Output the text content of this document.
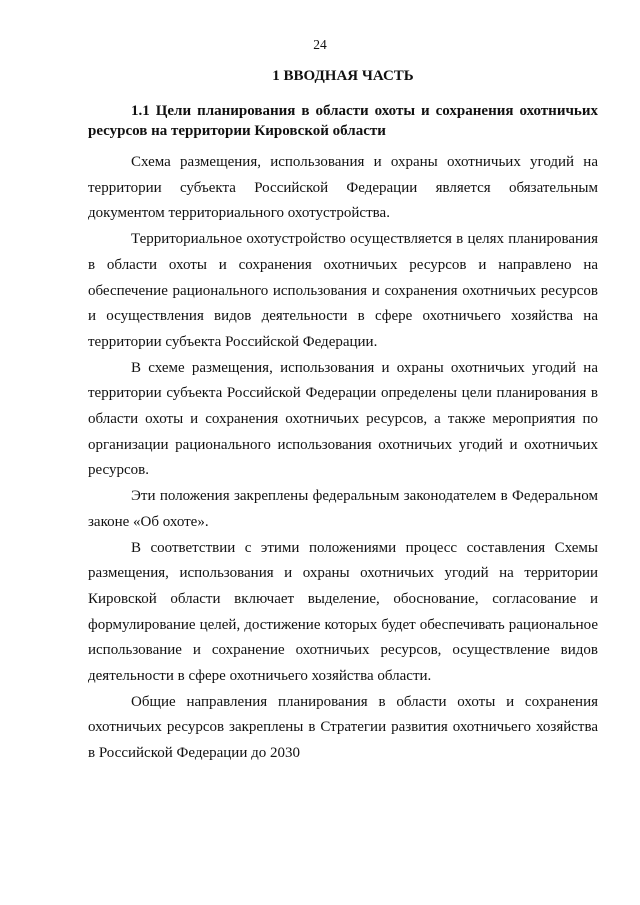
24
1 ВВОДНАЯ ЧАСТЬ
1.1 Цели планирования в области охоты и сохранения охотничьих ресурсов на территории Кировской области

Схема размещения, использования и охраны охотничьих угодий на территории субъекта Российской Федерации является обязательным документом территориального охотустройства.

Территориальное охотустройство осуществляется в целях планирования в области охоты и сохранения охотничьих ресурсов и направлено на обеспечение рационального использования и сохранения охотничьих ресурсов и осуществления видов деятельности в сфере охотничьего хозяйства на территории субъекта Российской Федерации.

В схеме размещения, использования и охраны охотничьих угодий на территории субъекта Российской Федерации определены цели планирования в области охоты и сохранения охотничьих ресурсов, а также мероприятия по организации рационального использования охотничьих угодий и охотничьих ресурсов.

Эти положения закреплены федеральным законодателем в Федеральном законе «Об охоте».

В соответствии с этими положениями процесс составления Схемы размещения, использования и охраны охотничьих угодий на территории Кировской области включает выделение, обоснование, согласование и формулирование целей, достижение которых будет обеспечивать рациональное использование и сохранение охотничьих ресурсов, осуществление видов деятельности в сфере охотничьего хозяйства области.

Общие направления планирования в области охоты и сохранения охотничьих ресурсов закреплены в Стратегии развития охотничьего хозяйства в Российской Федерации до 2030
